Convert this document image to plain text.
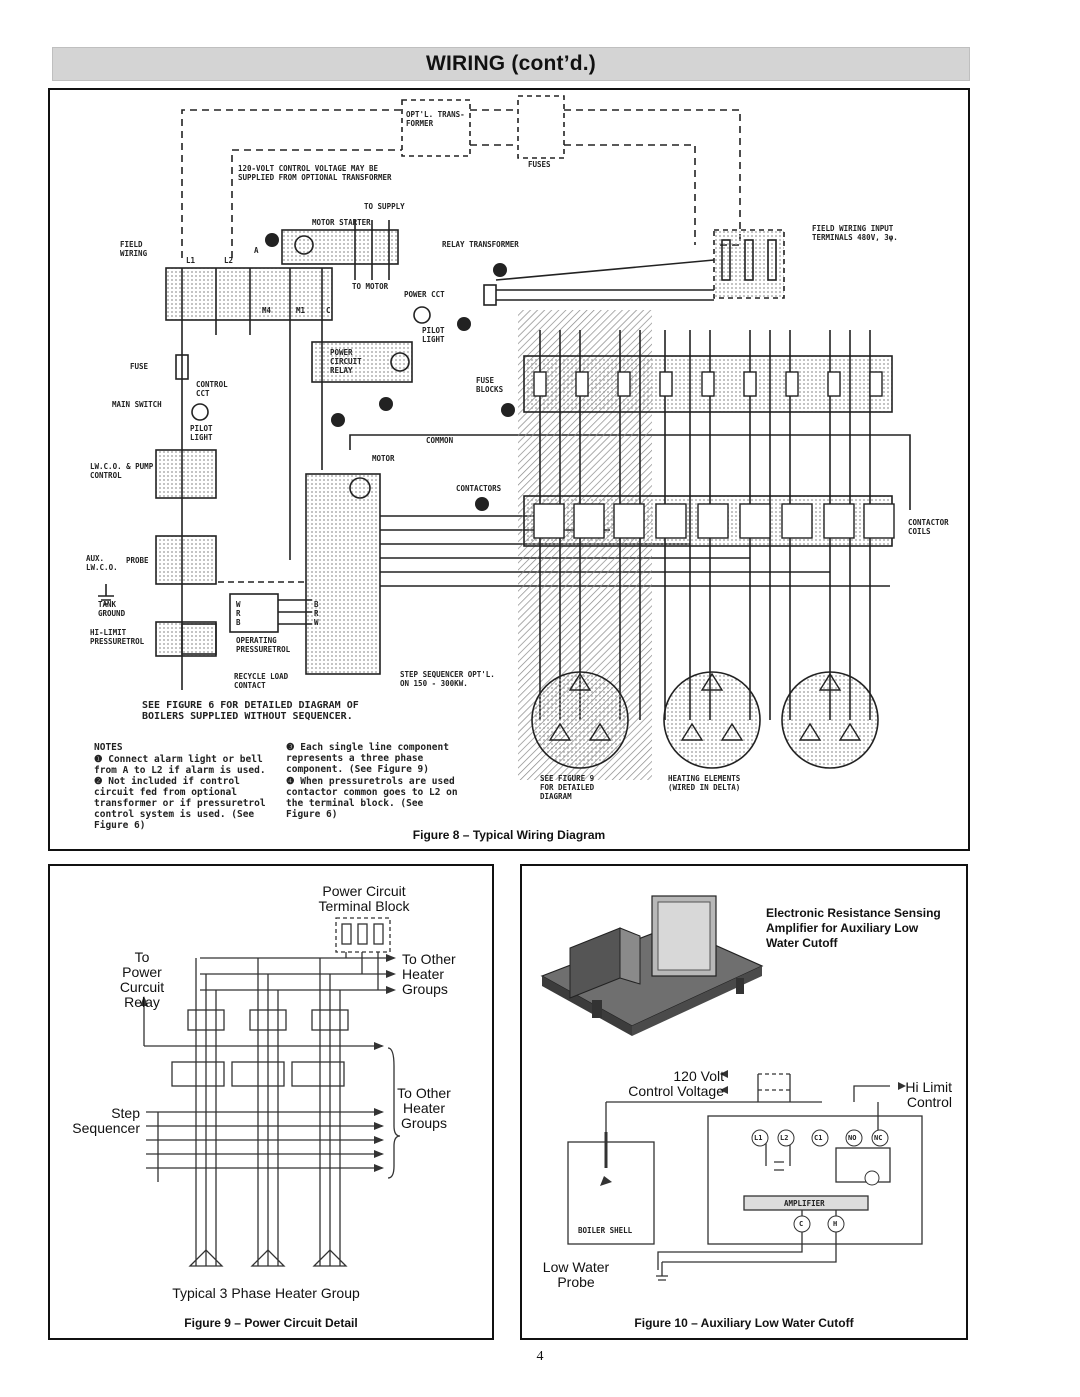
WIRING (cont’d.)
OPT'L. TRANS- FORMER
FUSES
120-VOLT CONTROL VOLTAGE MAY BE SUPPLIED FROM OPTIONAL TRANSFORMER
TO SUPPLY
MOTOR STARTER
RELAY TRANSFORMER
FIELD WIRING INPUT TERMINALS 480V, 3φ.
FIELD WIRING
L1	L2
A
TO MOTOR
M4	M1	C
POWER CCT
PILOT LIGHT
POWER CIRCUIT RELAY
FUSE
CONTROL CCT
MAIN SWITCH
PILOT LIGHT
FUSE BLOCKS
COMMON
MOTOR
LW.C.O. & PUMP CONTROL
CONTACTORS
CONTACTOR COILS
AUX. LW.C.O.
PROBE
TANK GROUND
HI-LIMIT PRESSURETROL	OPERATING PRESSURETROL
RECYCLE LOAD CONTACT
STEP SEQUENCER OPT'L. ON 150 - 300KW.
W R B
B R W
SEE FIGURE 6 FOR DETAILED DIAGRAM OF BOILERS SUPPLIED WITHOUT SEQUENCER.
SEE FIGURE 9 FOR DETAILED DIAGRAM
HEATING ELEMENTS (WIRED IN DELTA)
NOTES
❶ Connect alarm light or bell from A to L2 if alarm is used.
❷ Not included if control circuit fed from optional transformer or if pressuretrol control system is used. (See Figure 6)
❸ Each single line component represents a three phase component. (See Figure 9)
❹ When pressuretrols are used contactor common goes to L2 on the terminal block. (See Figure 6)
Figure 8 – Typical Wiring Diagram
Power Circuit Terminal Block
To Other Heater Groups
To Power Curcuit Relay
Step Sequencer
To Other Heater Groups
Typical 3 Phase Heater Group
Figure 9 – Power Circuit Detail
Electronic Resistance Sensing Amplifier for Auxiliary Low Water Cutoff
120 Volt Control Voltage	Hi Limit Control
Low Water Probe
BOILER SHELL
AMPLIFIER
L1	L2	C1	NO	NC
C	H
Figure 10 – Auxiliary Low Water Cutoff
4
